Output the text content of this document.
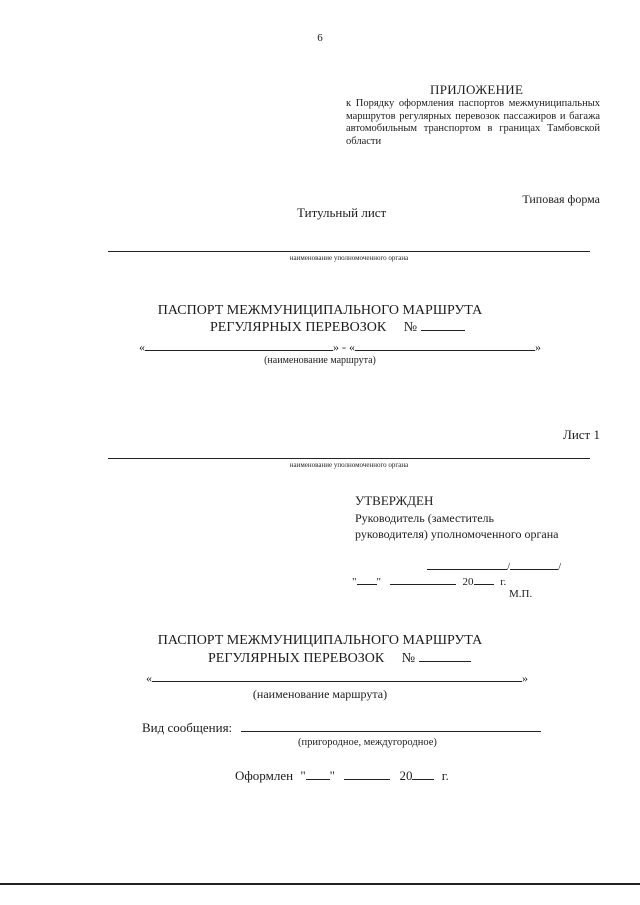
6
ПРИЛОЖЕНИЕ
к Порядку оформления паспортов межмуниципальных маршрутов регулярных перевозок пассажиров и багажа автомобильным транспортом в границах Тамбовской области
Типовая форма
Титульный лист
наименование уполномоченного органа
ПАСПОРТ МЕЖМУНИЦИПАЛЬНОГО МАРШРУТА
РЕГУЛЯРНЫХ ПЕРЕВОЗОК №
«	» - «	»
(наименование маршрута)
Лист 1
наименование уполномоченного органа
УТВЕРЖДЕН
Руководитель (заместитель
руководителя) уполномоченного органа
/	/
" "	20 г.
М.П.
ПАСПОРТ МЕЖМУНИЦИПАЛЬНОГО МАРШРУТА
РЕГУЛЯРНЫХ ПЕРЕВОЗОК №
«	»
(наименование маршрута)
Вид сообщения:
(пригородное, междугородное)
Оформлен " "	20 г.
